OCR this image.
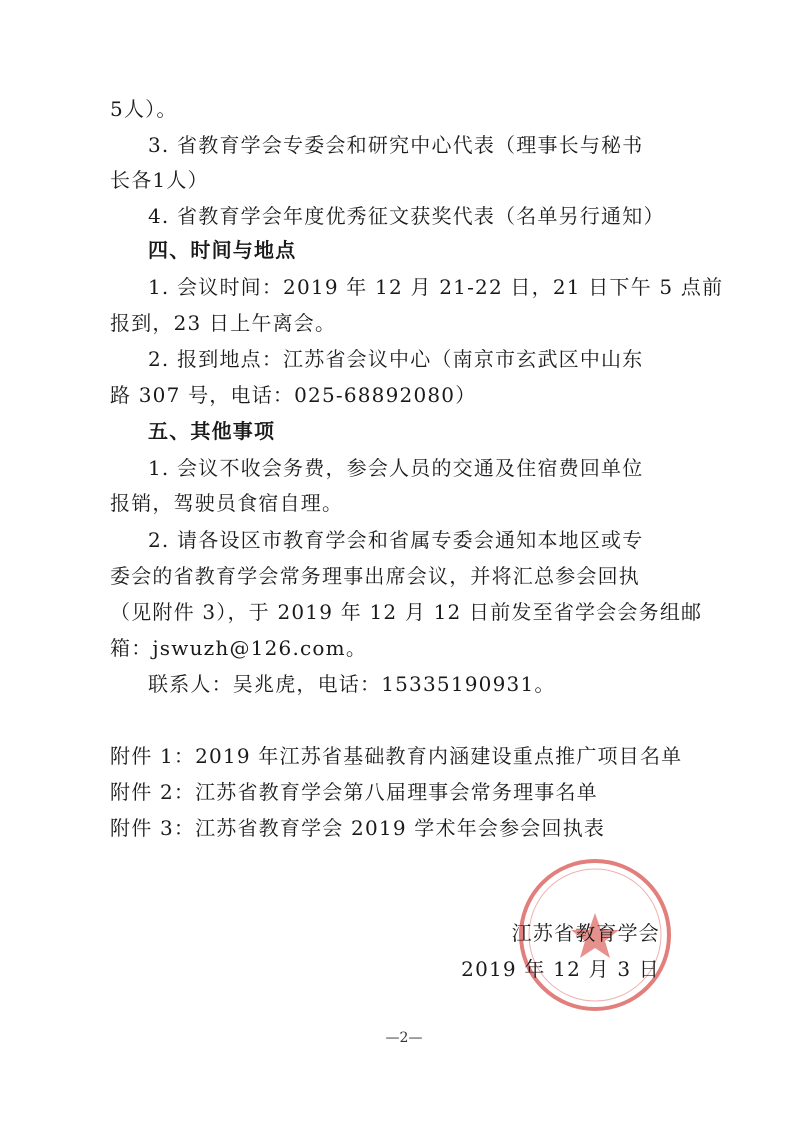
5人）。
3. 省教育学会专委会和研究中心代表（理事长与秘书
长各1人）
4. 省教育学会年度优秀征文获奖代表（名单另行通知）
四、时间与地点
1. 会议时间：2019 年 12 月 21-22 日，21 日下午 5 点前
报到，23 日上午离会。
2. 报到地点：江苏省会议中心（南京市玄武区中山东
路 307 号，电话：025-68892080）
五、其他事项
1. 会议不收会务费，参会人员的交通及住宿费回单位
报销，驾驶员食宿自理。
2. 请各设区市教育学会和省属专委会通知本地区或专
委会的省教育学会常务理事出席会议，并将汇总参会回执
（见附件 3），于 2019 年 12 月 12 日前发至省学会会务组邮
箱：jswuzh@126.com。
联系人：吴兆虎，电话：15335190931。
附件 1：2019 年江苏省基础教育内涵建设重点推广项目名单
附件 2：江苏省教育学会第八届理事会常务理事名单
附件 3：江苏省教育学会 2019 学术年会参会回执表
江苏省教育学会
2019 年 12 月 3 日
—2—
